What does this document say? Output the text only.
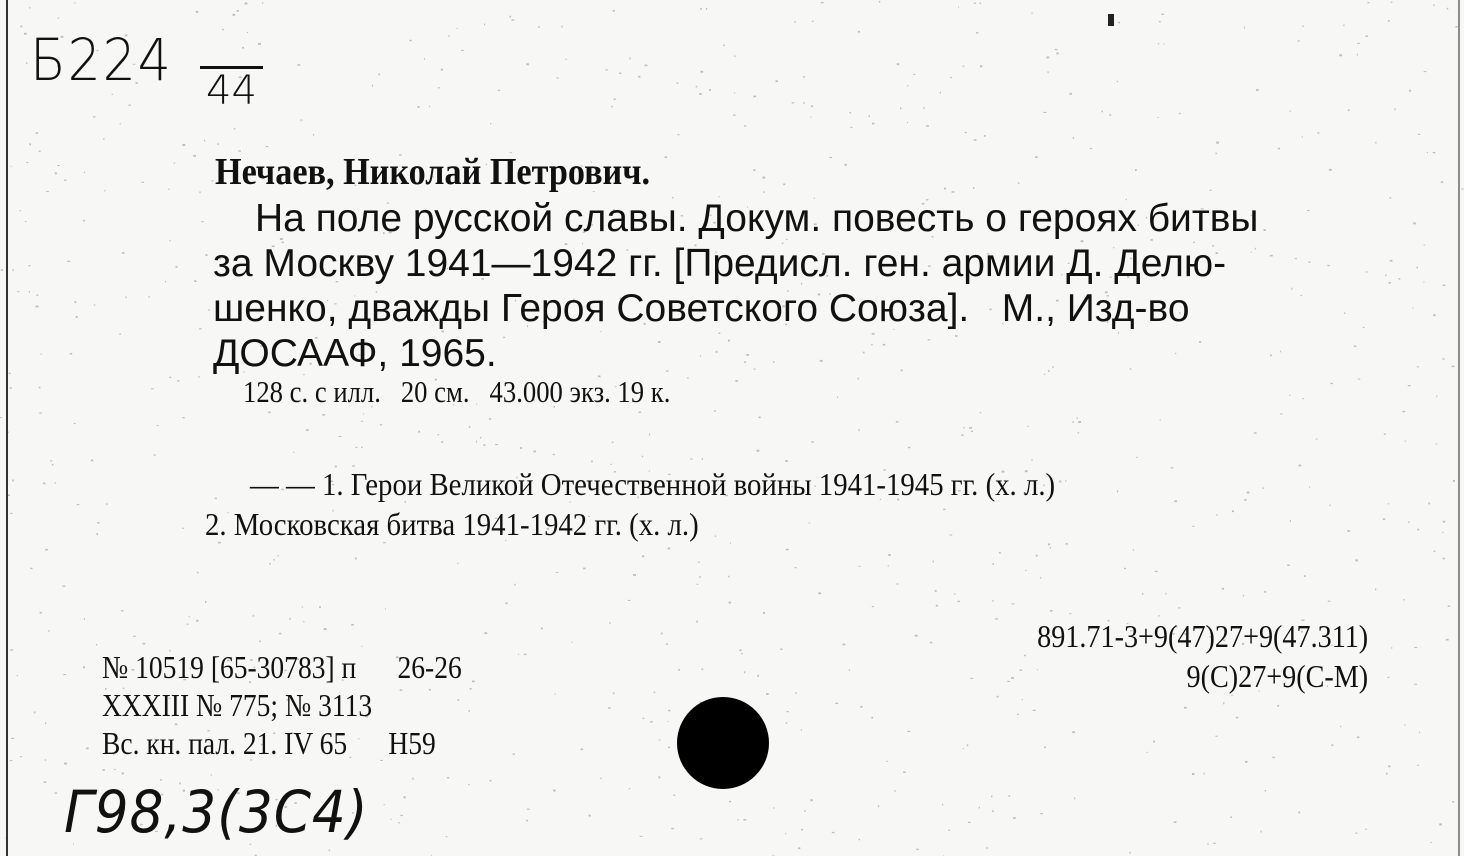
Б224 44
Нечаев, Николай Петрович.
На поле русской славы. Докум. повесть о героях битвы
за Москву 1941—1942 гг. [Предисл. ген. армии Д. Делю-
шенко, дважды Героя Советского Союза].   М., Изд-во
ДОСААФ, 1965.
128 с. с илл.   20 см.   43.000 экз. 19 к.
— — 1. Герои Великой Отечественной войны 1941-1945 гг. (х. л.)
2. Московская битва 1941-1942 гг. (х. л.)
891.71-3+9(47)27+9(47.311)
9(С)27+9(С-М)
№ 10519 [65-30783] п 26-26
XXXIII № 775; № 3113
Вс. кн. пал. 21. IV 65 Н59
Г98,3(3С4)
